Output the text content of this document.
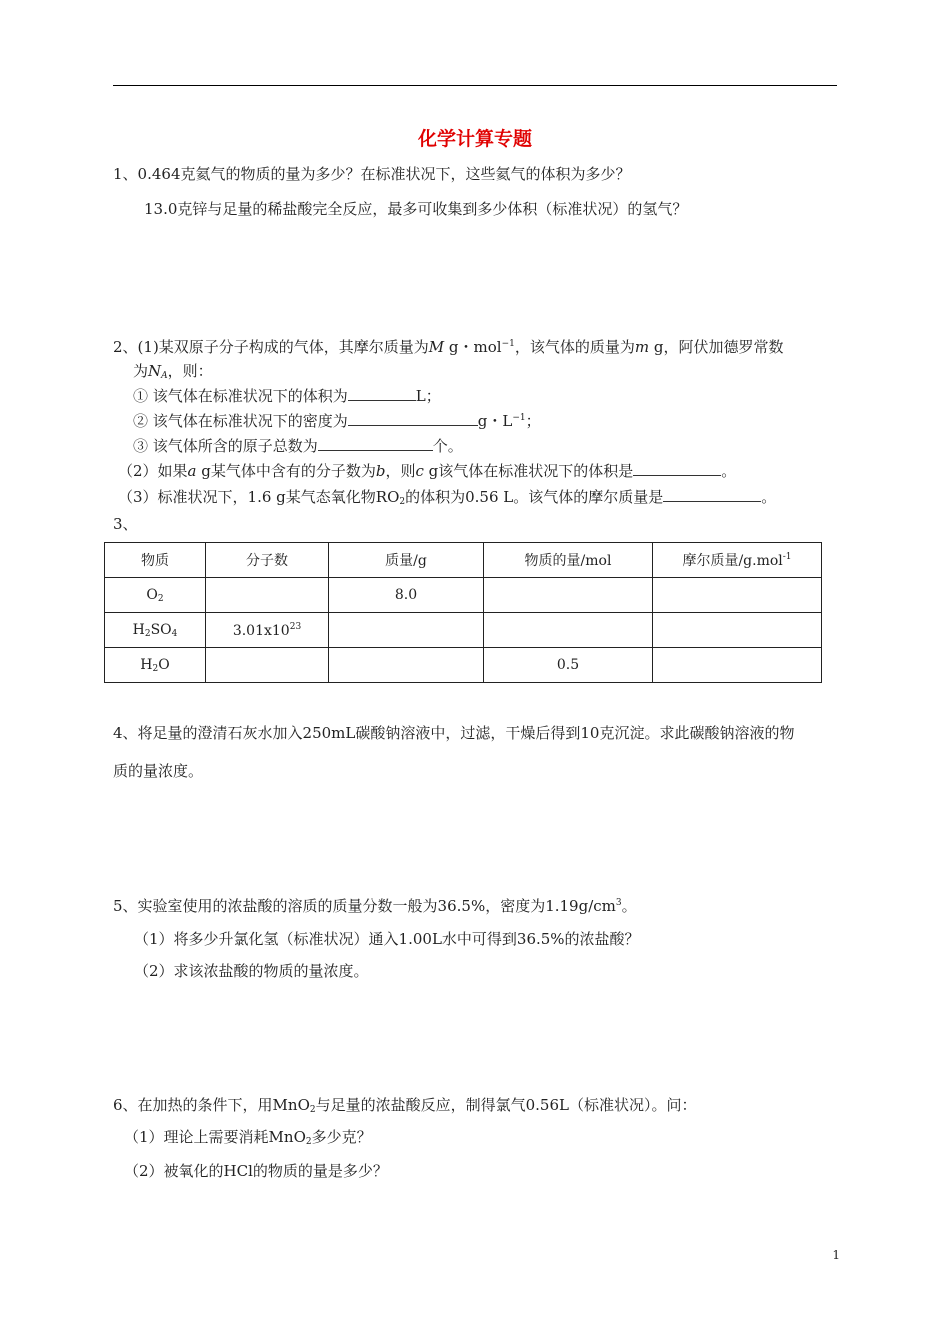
化学计算专题
1、0.464克氦气的物质的量为多少？在标准状况下，这些氦气的体积为多少？
13.0克锌与足量的稀盐酸完全反应，最多可收集到多少体积（标准状况）的氢气？
2、(1)某双原子分子构成的气体，其摩尔质量为M g・mol$^{-1}$，该气体的质量为m g，阿伏加德罗常数
为$N_A$，则：
① 该气体在标准状况下的体积为	L；
② 该气体在标准状况下的密度为	g・$L^{-1}$；
③ 该气体所含的原子总数为	个。
（2）如果a g某气体中含有的分子数为b，则c g该气体在标准状况下的体积是	。
（3）标准状况下，1.6 g某气态氧化物$RO_2$的体积为0.56 L。该气体的摩尔质量是	。
3、
物质	分子数	质量/g	物质的量/mol	摩尔质量/g.mol$^{-1}$
$O_2$		8.0		
$H_2SO_4$	$3.01x10^{23}$			
$H_2O$			0.5	
4、将足量的澄清石灰水加入250mL碳酸钠溶液中，过滤，干燥后得到10克沉淀。求此碳酸钠溶液的物
质的量浓度。
5、实验室使用的浓盐酸的溶质的质量分数一般为36.5%，密度为$1.19g/cm^3$。
（1）将多少升氯化氢（标准状况）通入1.00L水中可得到36.5%的浓盐酸？
（2）求该浓盐酸的物质的量浓度。
6、在加热的条件下，用MnO$_2$与足量的浓盐酸反应，制得氯气0.56L（标准状况）。问：
（1）理论上需要消耗MnO$_2$多少克？
（2）被氧化的HCl的物质的量是多少？
1
